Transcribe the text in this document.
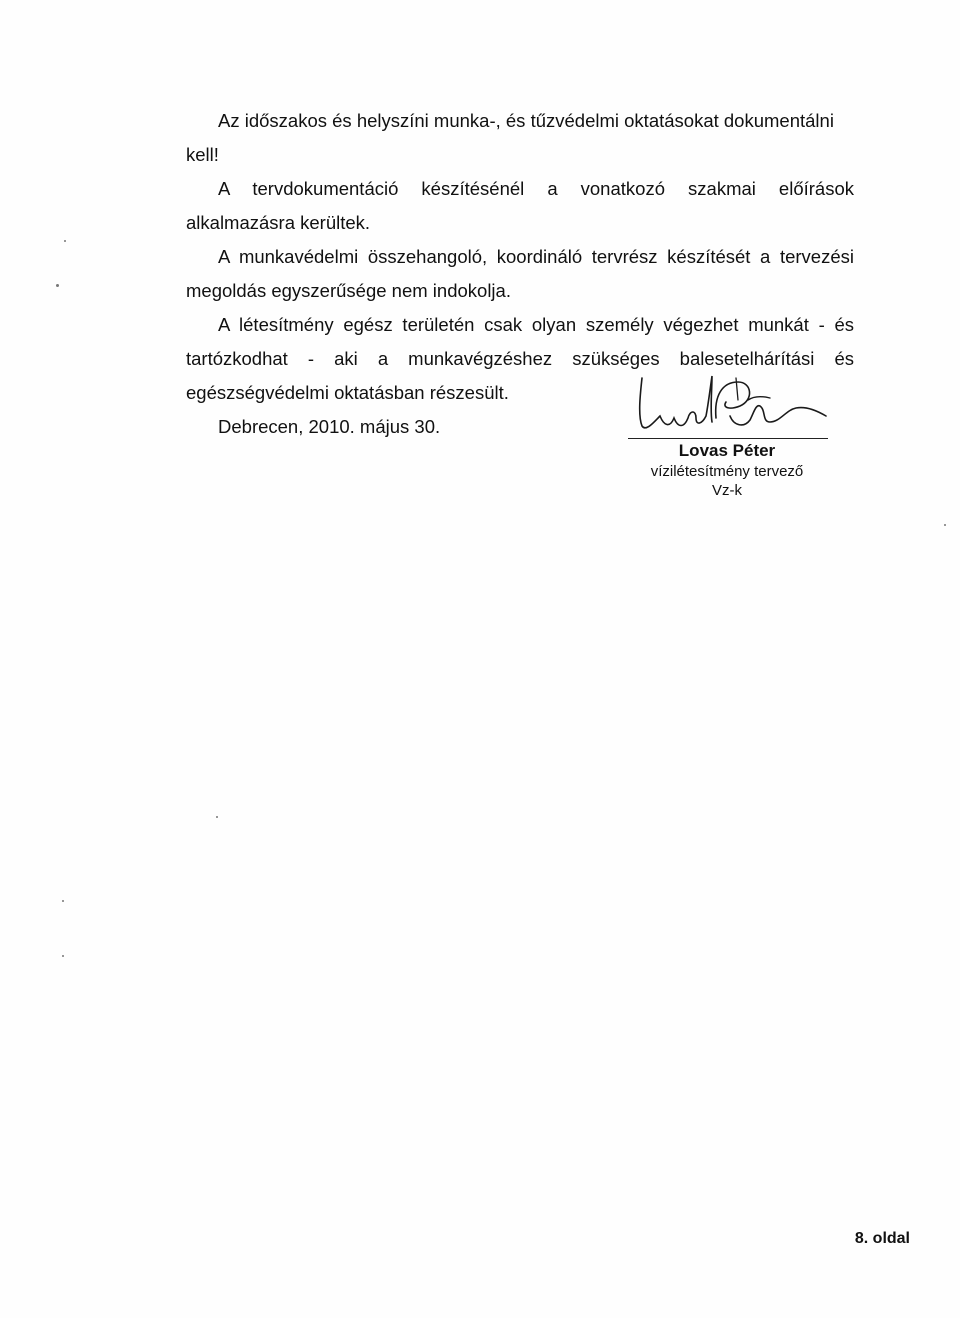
Az időszakos és helyszíni munka-, és tűzvédelmi oktatásokat dokumentálni kell!

A tervdokumentáció készítésénél a vonatkozó szakmai előírások alkalmazásra kerültek.

A munkavédelmi összehangoló, koordináló tervrész készítését a tervezési megoldás egyszerűsége nem indokolja.

A létesítmény egész területén csak olyan személy végezhet munkát - és tartózkodhat - aki a munkavégzéshez szükséges balesetelhárítási és egészségvédelmi oktatásban részesült.

Debrecen, 2010. május 30.

Lovas Péter
vízilétesítmény tervező
Vz-k
8. oldal
